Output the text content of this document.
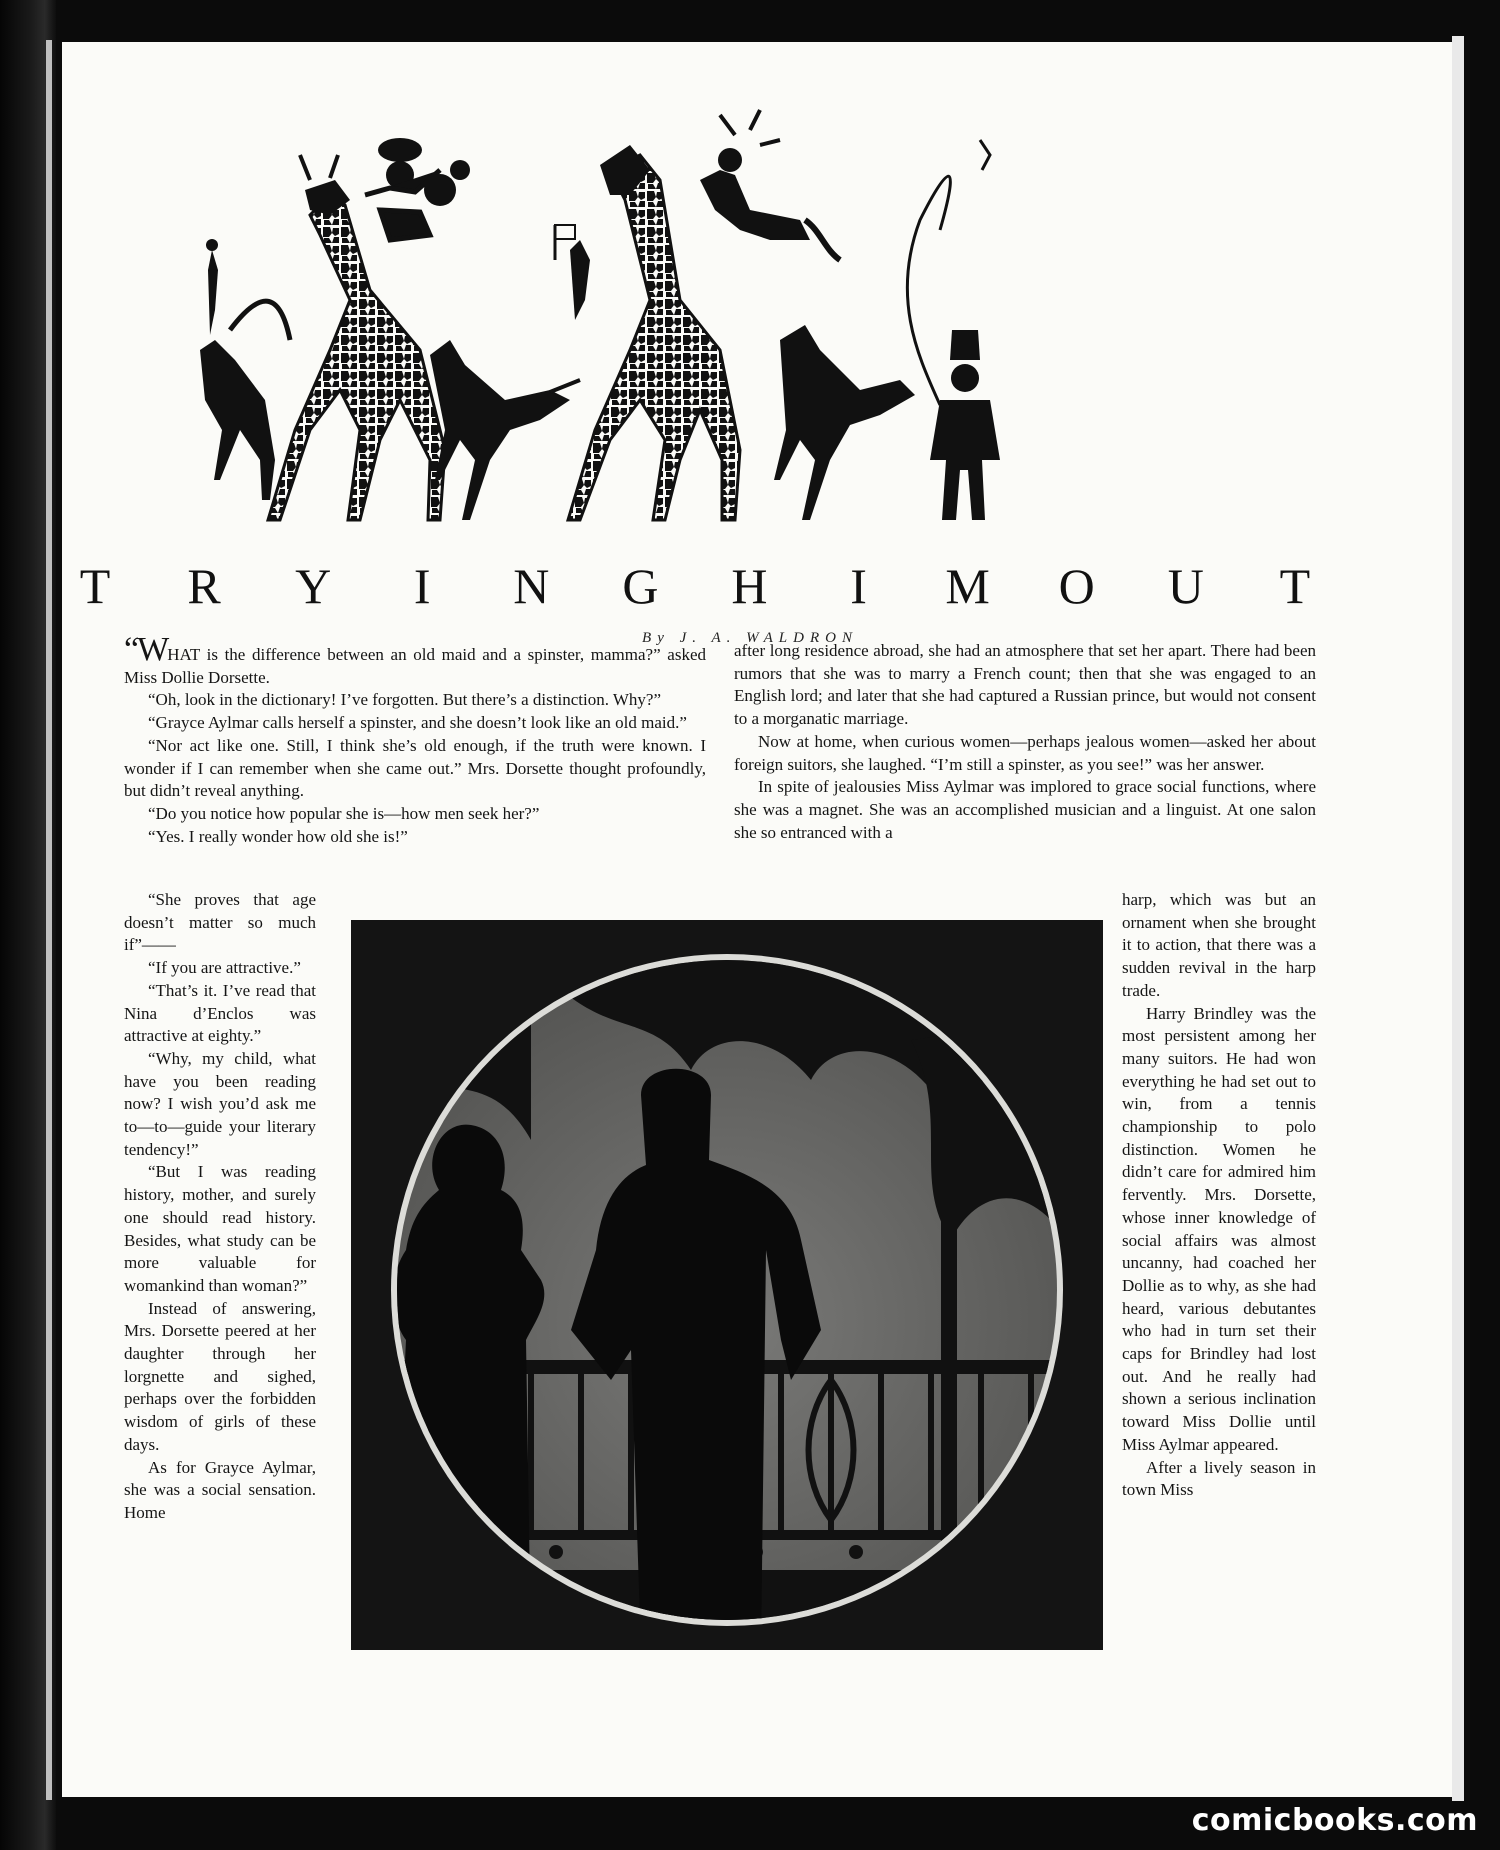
T R Y	I	N G H	I	M O U T
By J. A. WALDRON

“WHAT is the difference between an old maid and a spinster, mamma?” asked Miss Dollie Dorsette.

“Oh, look in the dictionary! I’ve forgotten. But there’s a distinction. Why?”

“Grayce Aylmar calls herself a spinster, and she doesn’t look like an old maid.”

“Nor act like one. Still, I think she’s old enough, if the truth were known. I wonder if I can remember when she came out.” Mrs. Dorsette thought profoundly, but didn’t reveal anything.

“Do you notice how popular she is—how men seek her?”

“Yes. I really wonder how old she is!”

after long residence abroad, she had an atmosphere that set her apart. There had been rumors that she was to marry a French count; then that she was engaged to an English lord; and later that she had captured a Russian prince, but would not consent to a morganatic marriage.

Now at home, when curious women—perhaps jealous women—asked her about foreign suitors, she laughed. “I’m still a spinster, as you see!” was her answer.

In spite of jealousies Miss Aylmar was implored to grace social functions, where she was a magnet. She was an accomplished musician and a linguist. At one salon she so entranced with a

“She proves that age doesn’t matter so much if”——

“If you are attractive.”

“That’s it. I’ve read that Nina d’Enclos was attractive at eighty.”

“Why, my child, what have you been reading now? I wish you’d ask me to—to—guide your literary tendency!”

“But I was reading history, mother, and surely one should read history. Besides, what study can be more valuable for womankind than woman?”

Instead of answering, Mrs. Dorsette peered at her daughter through her lorgnette and sighed, perhaps over the forbidden wisdom of girls of these days.

As for Grayce Aylmar, she was a social sensation. Home

harp, which was but an ornament when she brought it to action, that there was a sudden revival in the harp trade.

Harry Brindley was the most persistent among her many suitors. He had won everything he had set out to win, from a tennis championship to polo distinction. Women he didn’t care for admired him fervently. Mrs. Dorsette, whose inner knowledge of social affairs was almost uncanny, had coached her Dollie as to why, as she had heard, various debutantes who had in turn set their caps for Brindley had lost out. And he really had shown a serious inclination toward Miss Dollie until Miss Aylmar appeared.

After a lively season in town Miss

comicbooks.com
